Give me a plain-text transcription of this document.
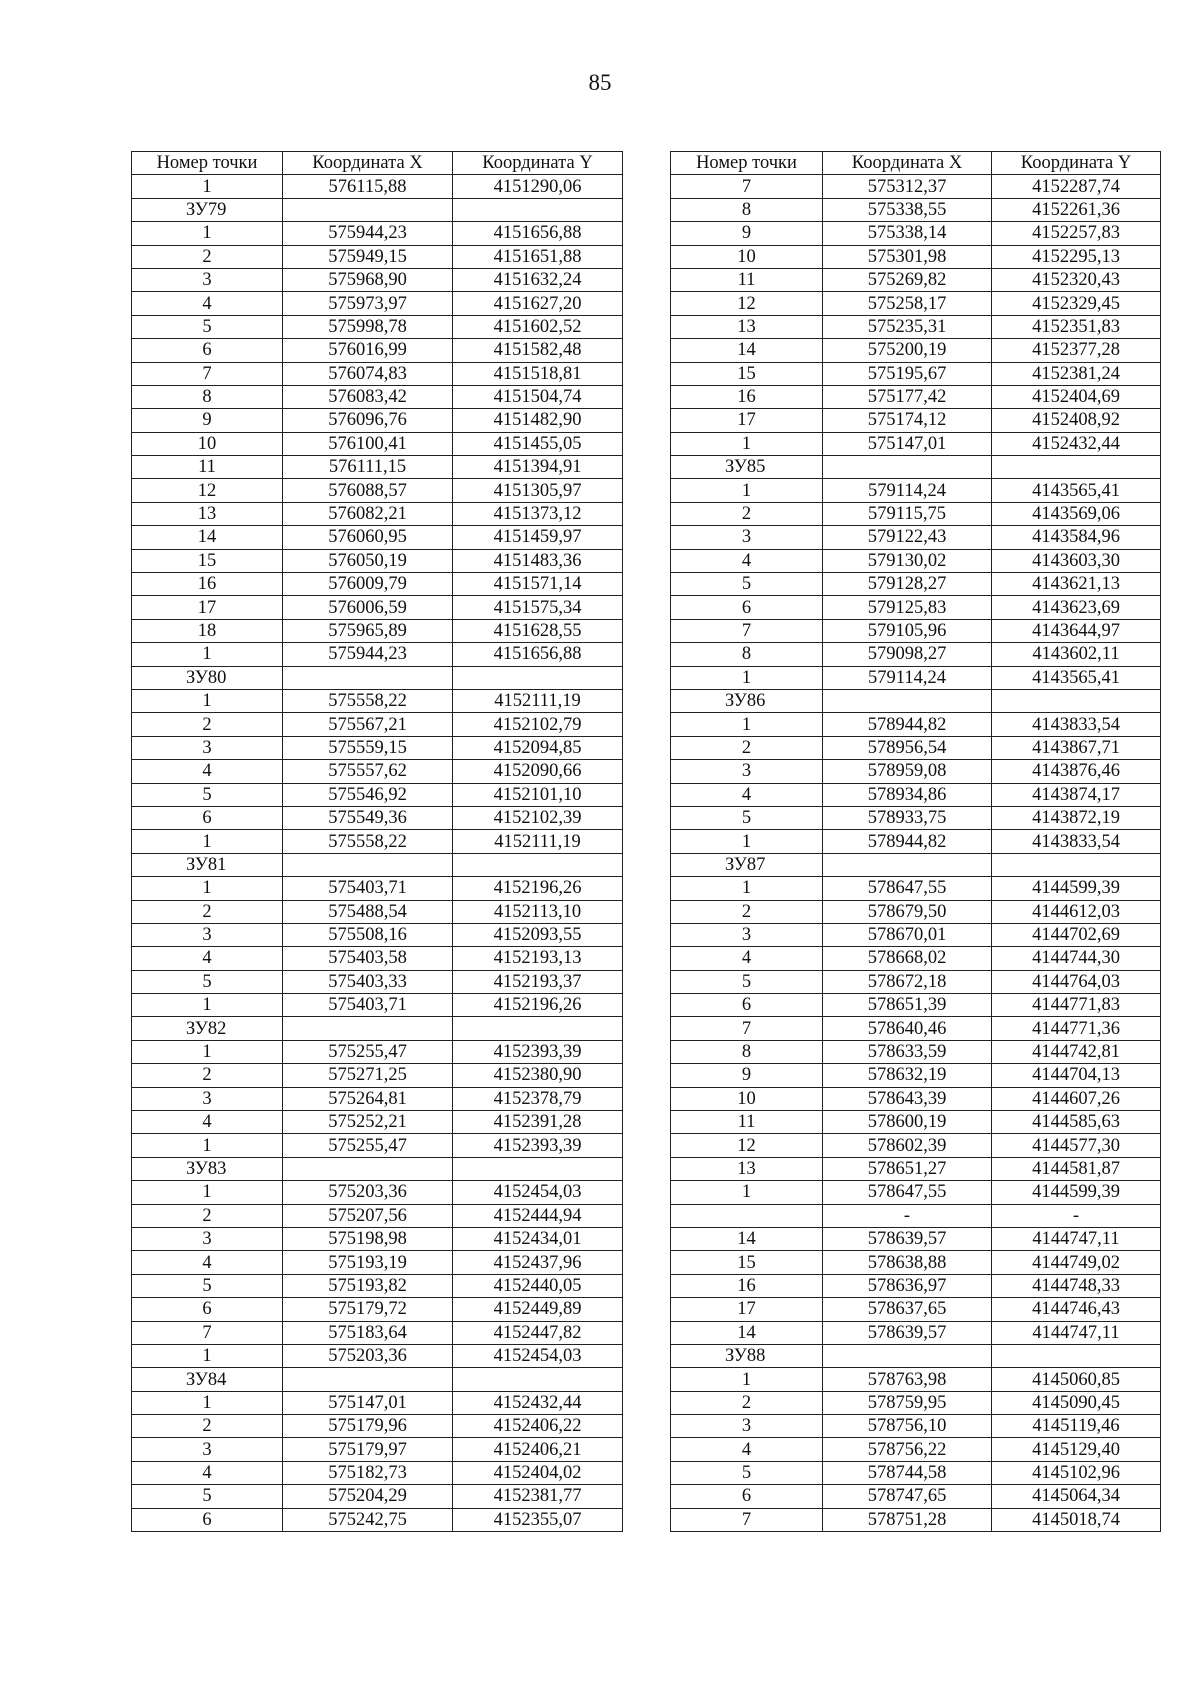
85
Номер точки	Координата X	Координата Y
1	576115,88	4151290,06
ЗУ79		
1	575944,23	4151656,88
2	575949,15	4151651,88
3	575968,90	4151632,24
4	575973,97	4151627,20
5	575998,78	4151602,52
6	576016,99	4151582,48
7	576074,83	4151518,81
8	576083,42	4151504,74
9	576096,76	4151482,90
10	576100,41	4151455,05
11	576111,15	4151394,91
12	576088,57	4151305,97
13	576082,21	4151373,12
14	576060,95	4151459,97
15	576050,19	4151483,36
16	576009,79	4151571,14
17	576006,59	4151575,34
18	575965,89	4151628,55
1	575944,23	4151656,88
ЗУ80		
1	575558,22	4152111,19
2	575567,21	4152102,79
3	575559,15	4152094,85
4	575557,62	4152090,66
5	575546,92	4152101,10
6	575549,36	4152102,39
1	575558,22	4152111,19
ЗУ81		
1	575403,71	4152196,26
2	575488,54	4152113,10
3	575508,16	4152093,55
4	575403,58	4152193,13
5	575403,33	4152193,37
1	575403,71	4152196,26
ЗУ82		
1	575255,47	4152393,39
2	575271,25	4152380,90
3	575264,81	4152378,79
4	575252,21	4152391,28
1	575255,47	4152393,39
ЗУ83		
1	575203,36	4152454,03
2	575207,56	4152444,94
3	575198,98	4152434,01
4	575193,19	4152437,96
5	575193,82	4152440,05
6	575179,72	4152449,89
7	575183,64	4152447,82
1	575203,36	4152454,03
ЗУ84		
1	575147,01	4152432,44
2	575179,96	4152406,22
3	575179,97	4152406,21
4	575182,73	4152404,02
5	575204,29	4152381,77
6	575242,75	4152355,07
Номер точки	Координата X	Координата Y
7	575312,37	4152287,74
8	575338,55	4152261,36
9	575338,14	4152257,83
10	575301,98	4152295,13
11	575269,82	4152320,43
12	575258,17	4152329,45
13	575235,31	4152351,83
14	575200,19	4152377,28
15	575195,67	4152381,24
16	575177,42	4152404,69
17	575174,12	4152408,92
1	575147,01	4152432,44
ЗУ85		
1	579114,24	4143565,41
2	579115,75	4143569,06
3	579122,43	4143584,96
4	579130,02	4143603,30
5	579128,27	4143621,13
6	579125,83	4143623,69
7	579105,96	4143644,97
8	579098,27	4143602,11
1	579114,24	4143565,41
ЗУ86		
1	578944,82	4143833,54
2	578956,54	4143867,71
3	578959,08	4143876,46
4	578934,86	4143874,17
5	578933,75	4143872,19
1	578944,82	4143833,54
ЗУ87		
1	578647,55	4144599,39
2	578679,50	4144612,03
3	578670,01	4144702,69
4	578668,02	4144744,30
5	578672,18	4144764,03
6	578651,39	4144771,83
7	578640,46	4144771,36
8	578633,59	4144742,81
9	578632,19	4144704,13
10	578643,39	4144607,26
11	578600,19	4144585,63
12	578602,39	4144577,30
13	578651,27	4144581,87
1	578647,55	4144599,39
	-	-
14	578639,57	4144747,11
15	578638,88	4144749,02
16	578636,97	4144748,33
17	578637,65	4144746,43
14	578639,57	4144747,11
ЗУ88		
1	578763,98	4145060,85
2	578759,95	4145090,45
3	578756,10	4145119,46
4	578756,22	4145129,40
5	578744,58	4145102,96
6	578747,65	4145064,34
7	578751,28	4145018,74
